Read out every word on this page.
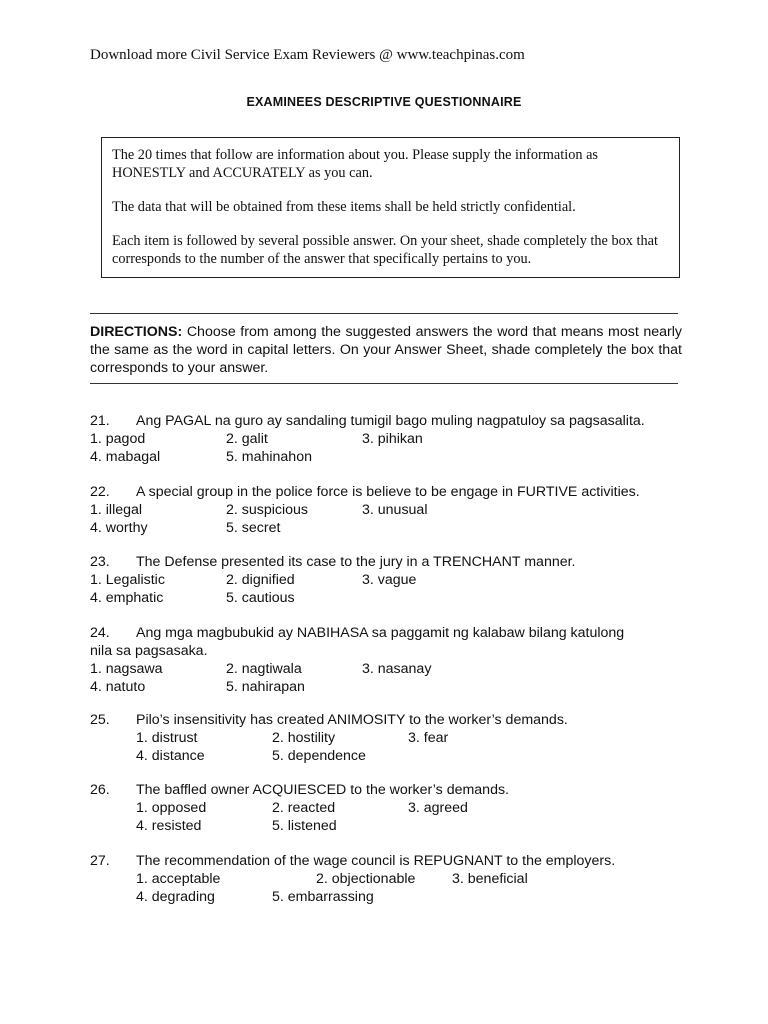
Download more Civil Service Exam Reviewers @ www.teachpinas.com
EXAMINEES DESCRIPTIVE QUESTIONNAIRE

The 20 times that follow are information about you. Please supply the information as HONESTLY and ACCURATELY as you can.

The data that will be obtained from these items shall be held strictly confidential.

Each item is followed by several possible answer. On your sheet, shade completely the box that corresponds to the number of the answer that specifically pertains to you.

DIRECTIONS: Choose from among the suggested answers the word that means most nearly the same as the word in capital letters. On your Answer Sheet, shade completely the box that corresponds to your answer.
21.	Ang PAGAL na guro ay sandaling tumigil bago muling nagpatuloy sa pagsasalita.
1. pagod	2. galit	3. pihikan
4. mabagal	5. mahinahon
22.	A special group in the police force is believe to be engage in FURTIVE activities.
1. illegal	2. suspicious	3. unusual
4. worthy	5. secret
23.	The Defense presented its case to the jury in a TRENCHANT manner.
1. Legalistic	2. dignified	3. vague
4. emphatic	5. cautious
24.	Ang mga magbubukid ay NABIHASA sa paggamit ng kalabaw bilang katulong
nila sa pagsasaka.
1. nagsawa	2. nagtiwala	3. nasanay
4. natuto	5. nahirapan
25.	Pilo’s insensitivity has created ANIMOSITY to the worker’s demands.
1. distrust	2. hostility	3. fear
4. distance	5. dependence
26.	The baffled owner ACQUIESCED to the worker’s demands.
1. opposed	2. reacted	3. agreed
4. resisted	5. listened
27.	The recommendation of the wage council is REPUGNANT to the employers.
1. acceptable	2. objectionable	3. beneficial
4. degrading	5. embarrassing
